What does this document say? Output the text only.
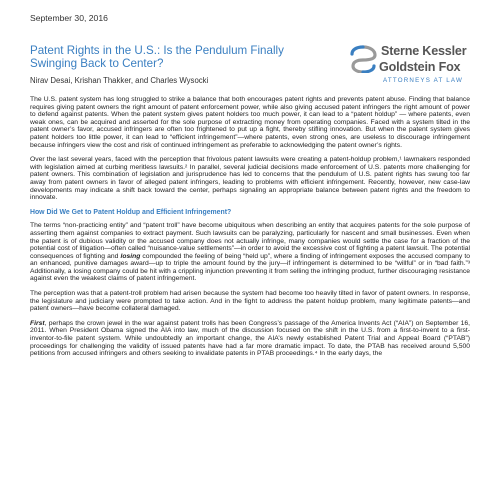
September 30, 2016
Sterne Kessler
Goldstein Fox
ATTORNEYS AT LAW
Patent Rights in the U.S.: Is the Pendulum Finally Swinging Back to Center?
Nirav Desai, Krishan Thakker, and Charles Wysocki

The U.S. patent system has long struggled to strike a balance that both encourages patent rights and prevents patent abuse. Finding that balance requires giving patent owners the right amount of patent enforcement power, while also giving accused patent infringers the right amount of power to defend against patents. When the patent system gives patent holders too much power, it can lead to a “patent holdup” — where patents, even weak ones, can be acquired and asserted for the sole purpose of extracting money from operating companies. Faced with a system tilted in the patent owner’s favor, accused infringers are often too frightened to put up a fight, thereby stifling innovation. But when the patent system gives patent holders too little power, it can lead to “efficient infringement”—where patents, even strong ones, are useless to discourage infringement because infringers view the cost and risk of continued infringement as preferable to acknowledging the patent owner’s rights.

Over the last several years, faced with the perception that frivolous patent lawsuits were creating a patent-holdup problem,¹ lawmakers responded with legislation aimed at curbing meritless lawsuits.² In parallel, several judicial decisions made enforcement of U.S. patents more challenging for patent owners. This combination of legislation and jurisprudence has led to concerns that the pendulum of U.S. patent rights has swung too far away from patent owners in favor of alleged patent infringers, leading to problems with efficient infringement. Recently, however, new case-law developments may indicate a shift back toward the center, perhaps signaling an appropriate balance between patent rights and the freedom to innovate.

How Did We Get to Patent Holdup and Efficient Infringement?

The terms “non-practicing entity” and “patent troll” have become ubiquitous when describing an entity that acquires patents for the sole purpose of asserting them against companies to extract payment. Such lawsuits can be paralyzing, particularly for nascent and small businesses. Even when the patent is of dubious validity or the accused company does not actually infringe, many companies would settle the case for a fraction of the potential cost of litigation—often called “nuisance-value settlements”—in order to avoid the excessive cost of fighting a patent lawsuit. The potential consequences of fighting and losing compounded the feeling of being “held up”, where a finding of infringement exposes the accused company to an enhanced, punitive damages award—up to triple the amount found by the jury—if infringement is determined to be “willful” or in “bad faith.”³ Additionally, a losing company could be hit with a crippling injunction preventing it from selling the infringing product, further discouraging resistance against even the weakest claims of patent infringement.

The perception was that a patent-troll problem had arisen because the system had become too heavily tilted in favor of patent owners. In response, the legislature and judiciary were prompted to take action. And in the fight to address the patent holdup problem, many legitimate patents—and patent owners—have become collateral damaged.

First, perhaps the crown jewel in the war against patent trolls has been Congress’s passage of the America Invents Act (“AIA”) on September 16, 2011. When President Obama signed the AIA into law, much of the discussion focused on the shift in the U.S. from a first-to-invent to a first-inventor-to-file patent system. While undoubtedly an important change, the AIA’s newly established Patent Trial and Appeal Board (“PTAB”) proceedings for challenging the validity of issued patents have had a far more dramatic impact. To date, the PTAB has received around 5,500 petitions from accused infringers and others seeking to invalidate patents in PTAB proceedings.⁴ In the early days, the
